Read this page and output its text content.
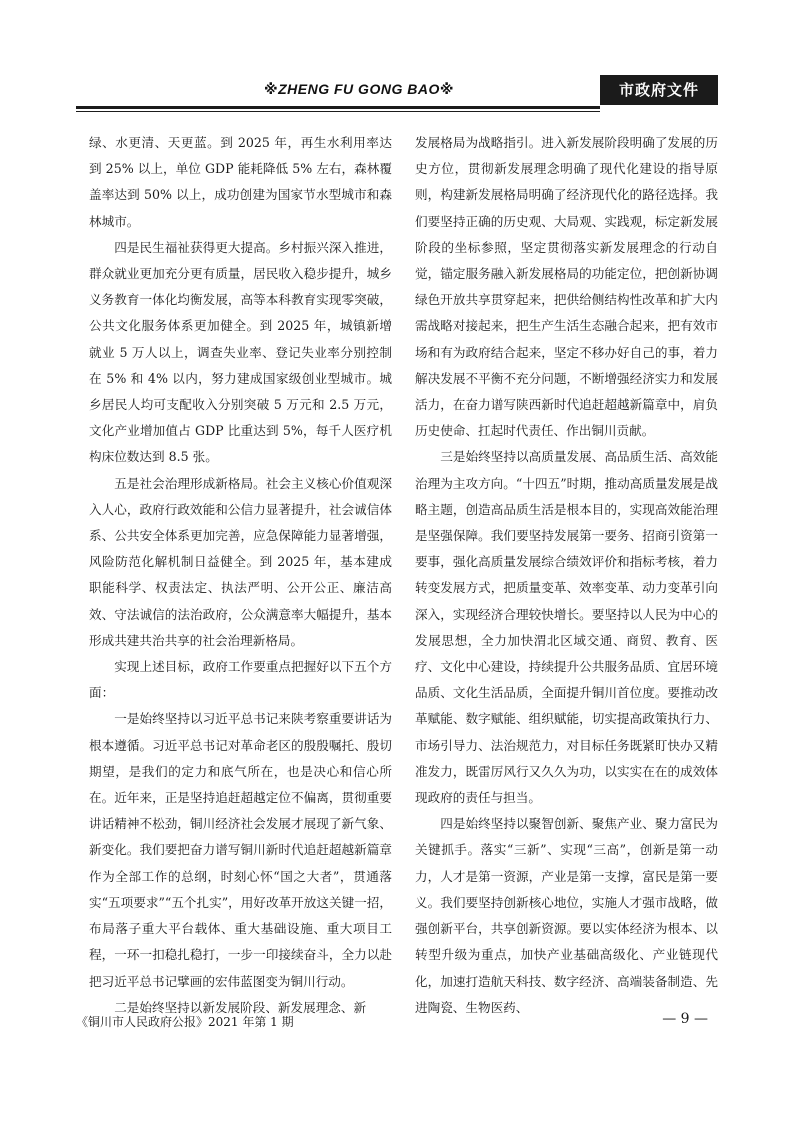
※ZHENG FU GONG BAO※	市政府文件

绿、水更清、天更蓝。到 2025 年，再生水利用率达到 25% 以上，单位 GDP 能耗降低 5% 左右，森林覆盖率达到 50% 以上，成功创建为国家节水型城市和森林城市。

四是民生福祉获得更大提高。乡村振兴深入推进，群众就业更加充分更有质量，居民收入稳步提升，城乡义务教育一体化均衡发展，高等本科教育实现零突破，公共文化服务体系更加健全。到 2025 年，城镇新增就业 5 万人以上，调查失业率、登记失业率分别控制在 5% 和 4% 以内，努力建成国家级创业型城市。城乡居民人均可支配收入分别突破 5 万元和 2.5 万元，文化产业增加值占 GDP 比重达到 5%，每千人医疗机构床位数达到 8.5 张。

五是社会治理形成新格局。社会主义核心价值观深入人心，政府行政效能和公信力显著提升，社会诚信体系、公共安全体系更加完善，应急保障能力显著增强，风险防范化解机制日益健全。到 2025 年，基本建成职能科学、权责法定、执法严明、公开公正、廉洁高效、守法诚信的法治政府，公众满意率大幅提升，基本形成共建共治共享的社会治理新格局。

实现上述目标，政府工作要重点把握好以下五个方面：

一是始终坚持以习近平总书记来陕考察重要讲话为根本遵循。习近平总书记对革命老区的殷殷嘱托、殷切期望，是我们的定力和底气所在，也是决心和信心所在。近年来，正是坚持追赶超越定位不偏离，贯彻重要讲话精神不松劲，铜川经济社会发展才展现了新气象、新变化。我们要把奋力谱写铜川新时代追赶超越新篇章作为全部工作的总纲，时刻心怀“国之大者”，贯通落实“五项要求”“五个扎实”，用好改革开放这关键一招，布局落子重大平台载体、重大基础设施、重大项目工程，一环一扣稳扎稳打，一步一印接续奋斗，全力以赴把习近平总书记擘画的宏伟蓝图变为铜川行动。

二是始终坚持以新发展阶段、新发展理念、新

发展格局为战略指引。进入新发展阶段明确了发展的历史方位，贯彻新发展理念明确了现代化建设的指导原则，构建新发展格局明确了经济现代化的路径选择。我们要坚持正确的历史观、大局观、实践观，标定新发展阶段的坐标参照，坚定贯彻落实新发展理念的行动自觉，锚定服务融入新发展格局的功能定位，把创新协调绿色开放共享贯穿起来，把供给侧结构性改革和扩大内需战略对接起来，把生产生活生态融合起来，把有效市场和有为政府结合起来，坚定不移办好自己的事，着力解决发展不平衡不充分问题，不断增强经济实力和发展活力，在奋力谱写陕西新时代追赶超越新篇章中，肩负历史使命、扛起时代责任、作出铜川贡献。

三是始终坚持以高质量发展、高品质生活、高效能治理为主攻方向。“十四五”时期，推动高质量发展是战略主题，创造高品质生活是根本目的，实现高效能治理是坚强保障。我们要坚持发展第一要务、招商引资第一要事，强化高质量发展综合绩效评价和指标考核，着力转变发展方式，把质量变革、效率变革、动力变革引向深入，实现经济合理较快增长。要坚持以人民为中心的发展思想，全力加快渭北区域交通、商贸、教育、医疗、文化中心建设，持续提升公共服务品质、宜居环境品质、文化生活品质，全面提升铜川首位度。要推动改革赋能、数字赋能、组织赋能，切实提高政策执行力、市场引导力、法治规范力，对目标任务既紧盯快办又精准发力，既雷厉风行又久久为功，以实实在在的成效体现政府的责任与担当。

四是始终坚持以聚智创新、聚焦产业、聚力富民为关键抓手。落实“三新”、实现“三高”，创新是第一动力，人才是第一资源，产业是第一支撑，富民是第一要义。我们要坚持创新核心地位，实施人才强市战略，做强创新平台，共享创新资源。要以实体经济为根本、以转型升级为重点，加快产业基础高级化、产业链现代化，加速打造航天科技、数字经济、高端装备制造、先进陶瓷、生物医药、

《铜川市人民政府公报》2021 年第 1 期	— 9 —
